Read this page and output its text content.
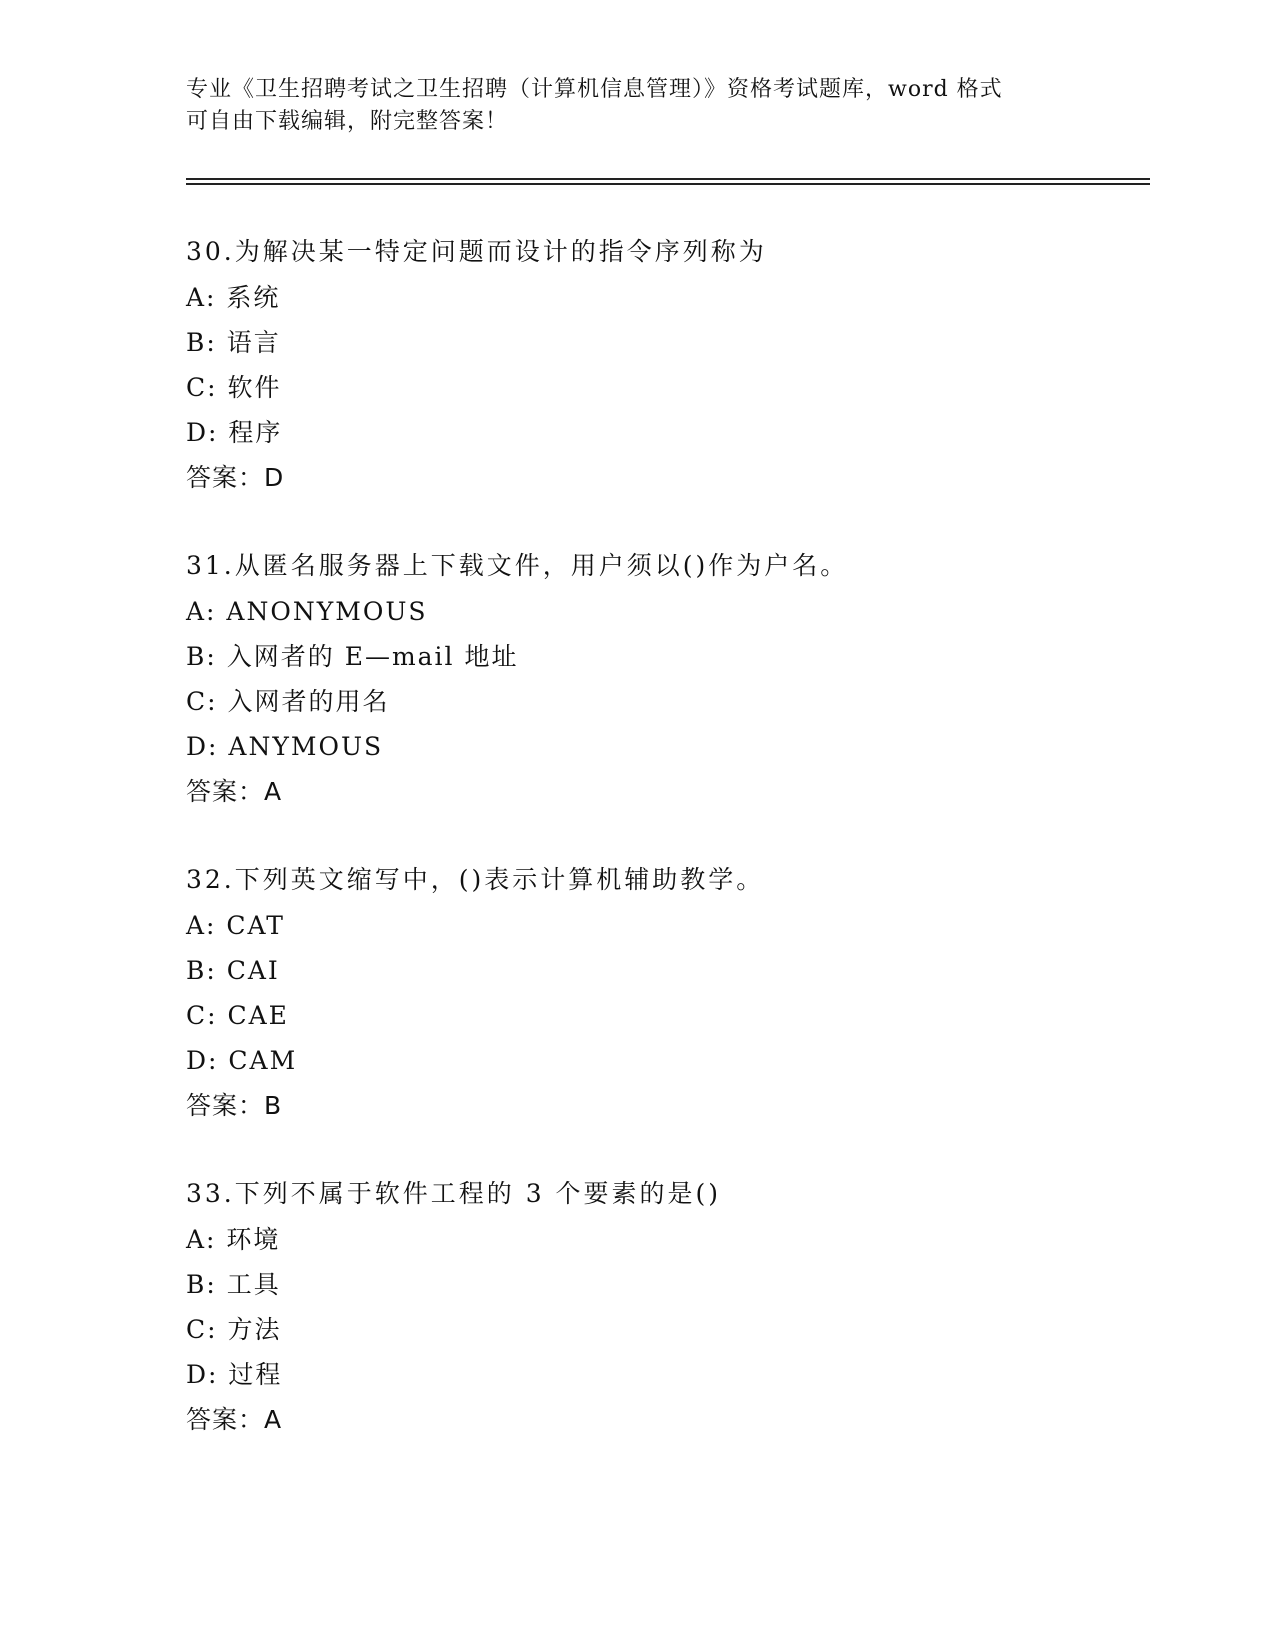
专业《卫生招聘考试之卫生招聘（计算机信息管理）》资格考试题库，word 格式
可自由下载编辑，附完整答案！
30.为解决某一特定问题而设计的指令序列称为
A: 系统
B: 语言
C: 软件
D: 程序
答案：D
31.从匿名服务器上下载文件，用户须以()作为户名。
A: ANONYMOUS
B: 入网者的 E—mail 地址
C: 入网者的用名
D: ANYMOUS
答案：A
32.下列英文缩写中，()表示计算机辅助教学。
A: CAT
B: CAI
C: CAE
D: CAM
答案：B
33.下列不属于软件工程的 3 个要素的是()
A: 环境
B: 工具
C: 方法
D: 过程
答案：A
